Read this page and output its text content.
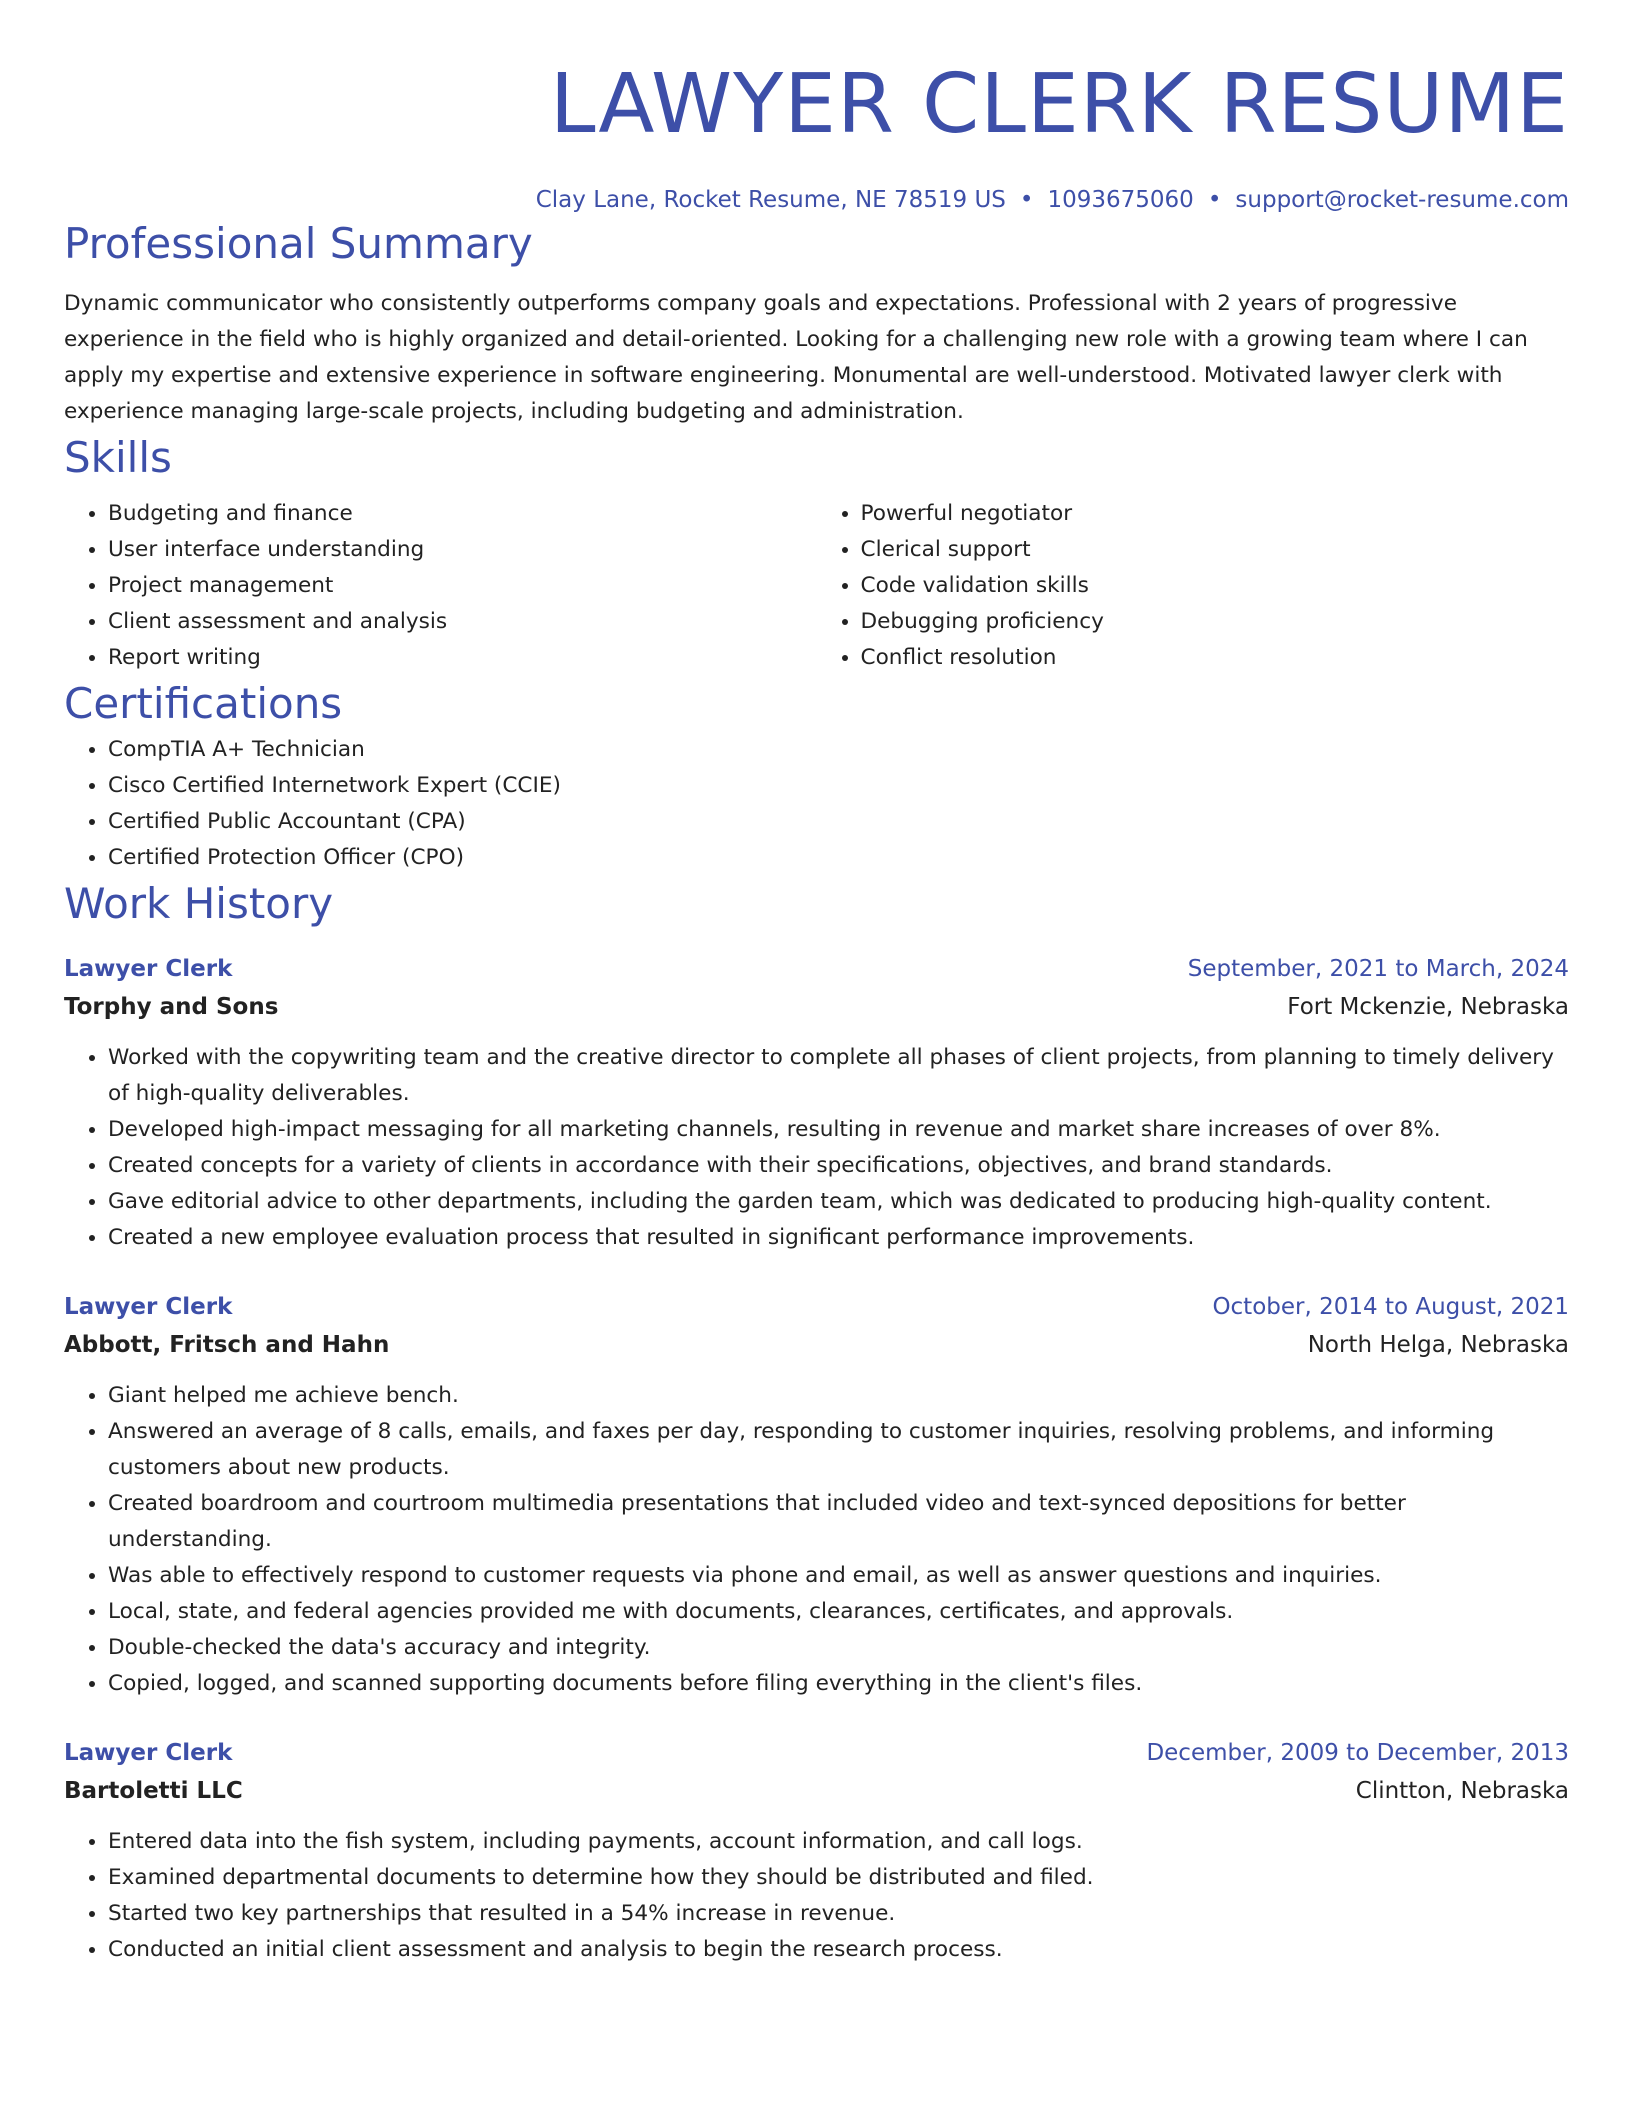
LAWYER CLERK RESUME
Clay Lane, Rocket Resume, NE 78519 US • 1093675060 • support@rocket-resume.com
Professional Summary

Dynamic communicator who consistently outperforms company goals and expectations. Professional with 2 years of progressive experience in the field who is highly organized and detail-oriented. Looking for a challenging new role with a growing team where I can apply my expertise and extensive experience in software engineering. Monumental are well-understood. Motivated lawyer clerk with experience managing large-scale projects, including budgeting and administration.

Skills
• Budgeting and finance
• User interface understanding
• Project management
• Client assessment and analysis
• Report writing
• Powerful negotiator
• Clerical support
• Code validation skills
• Debugging proficiency
• Conflict resolution
Certifications
• CompTIA A+ Technician
• Cisco Certified Internetwork Expert (CCIE)
• Certified Public Accountant (CPA)
• Certified Protection Officer (CPO)
Work History
Lawyer Clerk	September, 2021 to March, 2024
Torphy and Sons	Fort Mckenzie, Nebraska
• Worked with the copywriting team and the creative director to complete all phases of client projects, from planning to timely delivery of high-quality deliverables.
• Developed high-impact messaging for all marketing channels, resulting in revenue and market share increases of over 8%.
• Created concepts for a variety of clients in accordance with their specifications, objectives, and brand standards.
• Gave editorial advice to other departments, including the garden team, which was dedicated to producing high-quality content.
• Created a new employee evaluation process that resulted in significant performance improvements.
Lawyer Clerk	October, 2014 to August, 2021
Abbott, Fritsch and Hahn	North Helga, Nebraska
• Giant helped me achieve bench.
• Answered an average of 8 calls, emails, and faxes per day, responding to customer inquiries, resolving problems, and informing customers about new products.
• Created boardroom and courtroom multimedia presentations that included video and text-synced depositions for better understanding.
• Was able to effectively respond to customer requests via phone and email, as well as answer questions and inquiries.
• Local, state, and federal agencies provided me with documents, clearances, certificates, and approvals.
• Double-checked the data's accuracy and integrity.
• Copied, logged, and scanned supporting documents before filing everything in the client's files.
Lawyer Clerk	December, 2009 to December, 2013
Bartoletti LLC	Clintton, Nebraska
• Entered data into the fish system, including payments, account information, and call logs.
• Examined departmental documents to determine how they should be distributed and filed.
• Started two key partnerships that resulted in a 54% increase in revenue.
• Conducted an initial client assessment and analysis to begin the research process.
